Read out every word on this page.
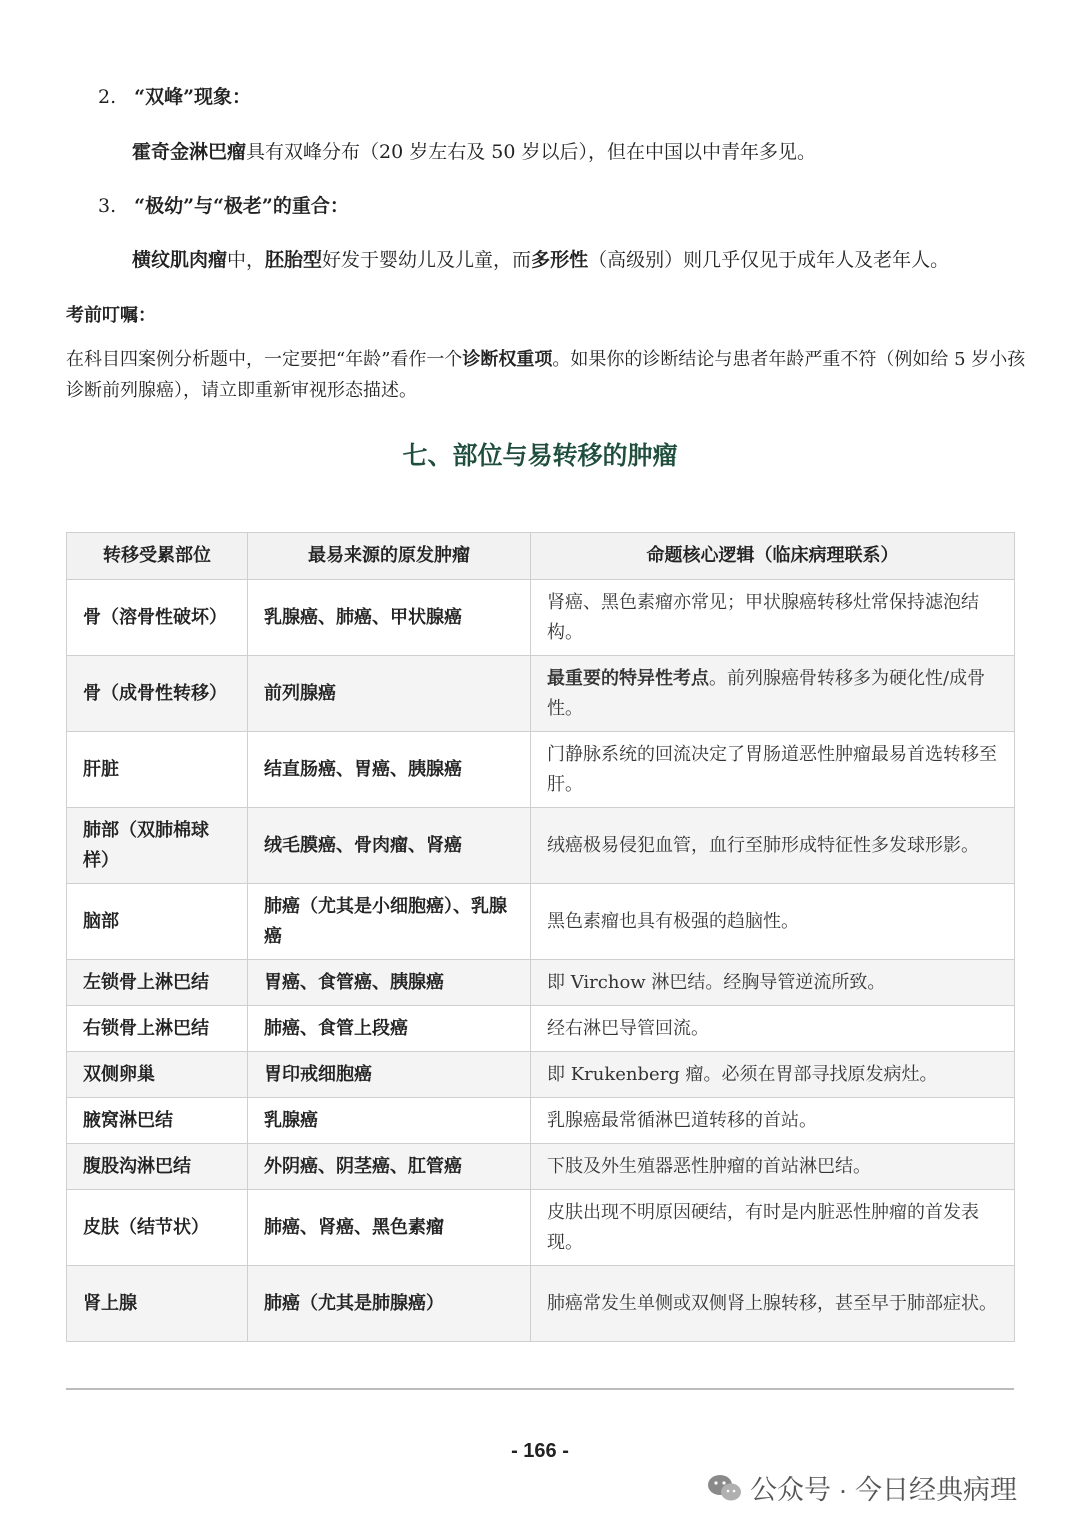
2. “双峰”现象：
霍奇金淋巴瘤具有双峰分布（20 岁左右及 50 岁以后），但在中国以中青年多见。
3. “极幼”与“极老”的重合：
横纹肌肉瘤中，胚胎型好发于婴幼儿及儿童，而多形性（高级别）则几乎仅见于成年人及老年人。
考前叮嘱：
在科目四案例分析题中，一定要把“年龄”看作一个诊断权重项。如果你的诊断结论与患者年龄严重不符（例如给 5 岁小孩诊断前列腺癌），请立即重新审视形态描述。
七、部位与易转移的肿瘤
转移受累部位	最易来源的原发肿瘤	命题核心逻辑（临床病理联系）
骨（溶骨性破坏）	乳腺癌、肺癌、甲状腺癌	肾癌、黑色素瘤亦常见；甲状腺癌转移灶常保持滤泡结构。
骨（成骨性转移）	前列腺癌	最重要的特异性考点。前列腺癌骨转移多为硬化性/成骨性。
肝脏	结直肠癌、胃癌、胰腺癌	门静脉系统的回流决定了胃肠道恶性肿瘤最易首选转移至肝。
肺部（双肺棉球样）	绒毛膜癌、骨肉瘤、肾癌	绒癌极易侵犯血管，血行至肺形成特征性多发球形影。
脑部	肺癌（尤其是小细胞癌）、乳腺癌	黑色素瘤也具有极强的趋脑性。
左锁骨上淋巴结	胃癌、食管癌、胰腺癌	即 Virchow 淋巴结。经胸导管逆流所致。
右锁骨上淋巴结	肺癌、食管上段癌	经右淋巴导管回流。
双侧卵巢	胃印戒细胞癌	即 Krukenberg 瘤。必须在胃部寻找原发病灶。
腋窝淋巴结	乳腺癌	乳腺癌最常循淋巴道转移的首站。
腹股沟淋巴结	外阴癌、阴茎癌、肛管癌	下肢及外生殖器恶性肿瘤的首站淋巴结。
皮肤（结节状）	肺癌、肾癌、黑色素瘤	皮肤出现不明原因硬结，有时是内脏恶性肿瘤的首发表现。
肾上腺	肺癌（尤其是肺腺癌）	肺癌常发生单侧或双侧肾上腺转移，甚至早于肺部症状。
- 166 -
公众号 · 今日经典病理
